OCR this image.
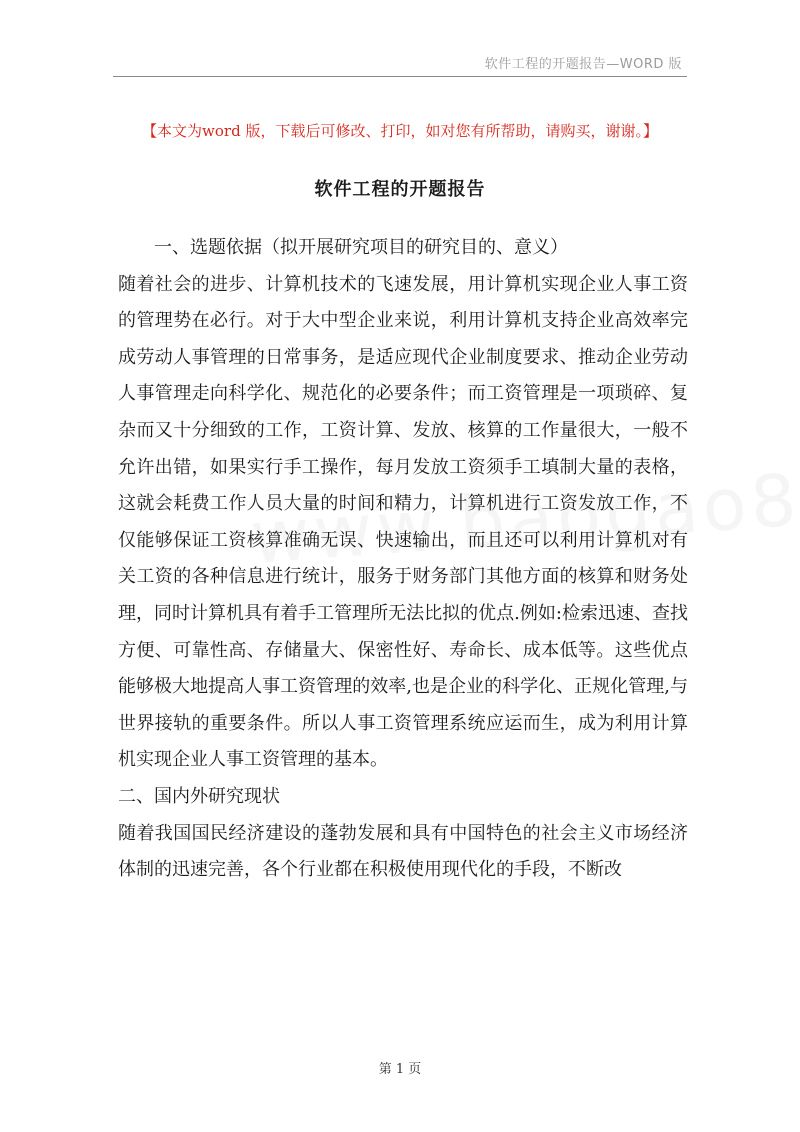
软件工程的开题报告—WORD 版
【本文为word 版，下载后可修改、打印，如对您有所帮助，请购买，谢谢。】
软件工程的开题报告

一、选题依据（拟开展研究项目的研究目的、意义）

随着社会的进步、计算机技术的飞速发展，用计算机实现企业人事工资的管理势在必行。对于大中型企业来说，利用计算机支持企业高效率完成劳动人事管理的日常事务，是适应现代企业制度要求、推动企业劳动人事管理走向科学化、规范化的必要条件；而工资管理是一项琐碎、复杂而又十分细致的工作，工资计算、发放、核算的工作量很大，一般不允许出错，如果实行手工操作，每月发放工资须手工填制大量的表格，这就会耗费工作人员大量的时间和精力，计算机进行工资发放工作，不仅能够保证工资核算准确无误、快速输出，而且还可以利用计算机对有关工资的各种信息进行统计，服务于财务部门其他方面的核算和财务处理，同时计算机具有着手工管理所无法比拟的优点.例如:检索迅速、查找方便、可靠性高、存储量大、保密性好、寿命长、成本低等。这些优点能够极大地提高人事工资管理的效率,也是企业的科学化、正规化管理,与世界接轨的重要条件。所以人事工资管理系统应运而生，成为利用计算机实现企业人事工资管理的基本。

二、国内外研究现状

随着我国国民经济建设的蓬勃发展和具有中国特色的社会主义市场经济体制的迅速完善，各个行业都在积极使用现代化的手段，不断改

第 1 页
